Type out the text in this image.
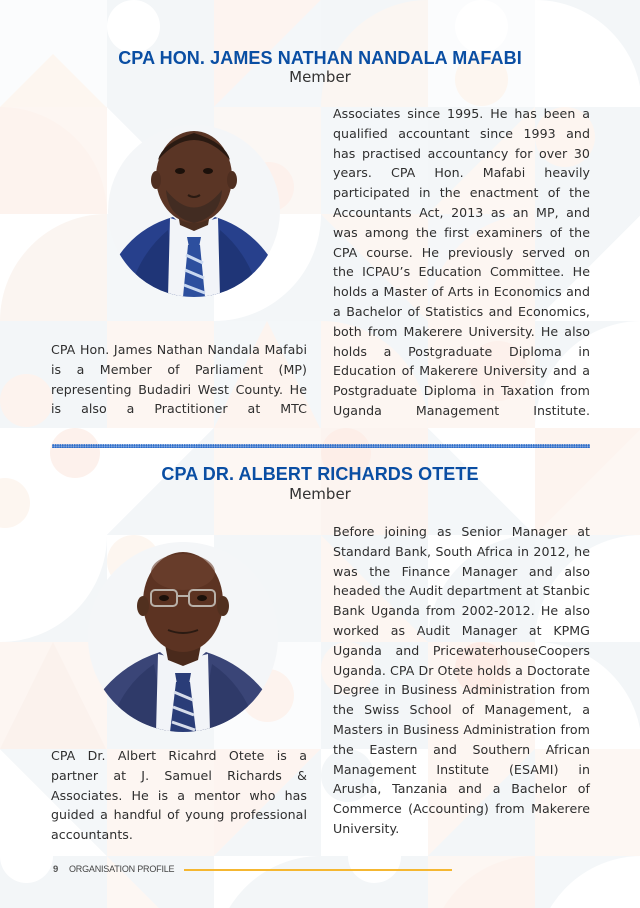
CPA HON. JAMES NATHAN NANDALA MAFABI
Member

CPA Hon. James Nathan Nandala Mafabi is a Member of Parliament (MP) representing Budadiri West County. He is also a Practitioner at MTC

Associates since 1995. He has been a qualified accountant since 1993 and has practised accountancy for over 30 years. CPA Hon. Mafabi heavily participated in the enactment of the Accountants Act, 2013 as an MP, and was among the first examiners of the CPA course. He previously served on the ICPAU’s Education Committee. He holds a Master of Arts in Economics and a Bachelor of Statistics and Economics, both from Makerere University. He also holds a Postgraduate Diploma in Education of Makerere University and a Postgraduate Diploma in Taxation from Uganda Management Institute.

CPA DR. ALBERT RICHARDS OTETE
Member

CPA Dr. Albert Ricahrd Otete is a partner at J. Samuel Richards & Associates. He is a mentor who has guided a handful of young professional accountants.

Before joining as Senior Manager at Standard Bank, South Africa in 2012, he was the Finance Manager and also headed the Audit department at Stanbic Bank Uganda from 2002-2012. He also worked as Audit Manager at KPMG Uganda and PricewaterhouseCoopers Uganda. CPA Dr Otete holds a Doctorate Degree in Business Administration from the Swiss School of Management, a Masters in Business Administration from the Eastern and Southern African Management Institute (ESAMI) in Arusha, Tanzania and a Bachelor of Commerce (Accounting) from Makerere University.

9 ORGANISATION PROFILE
